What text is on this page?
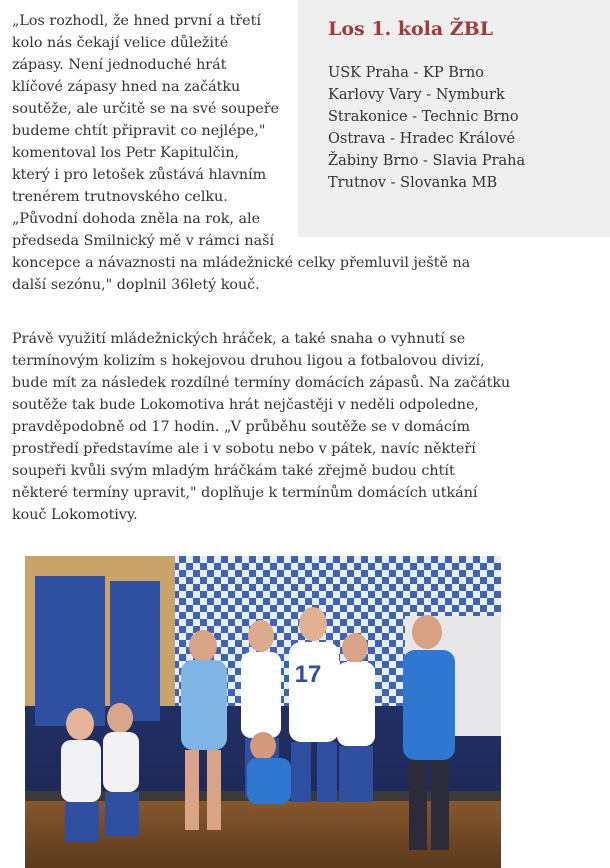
„Los rozhodl, že hned první a třetí kolo nás čekají velice důležité zápasy. Není jednoduché hrát klíčové zápasy hned na začátku soutěže, ale určitě se na své soupeře budeme chtít připravit co nejlépe," komentoval los Petr Kapitulčin, který i pro letošek zůstává hlavním trenérem trutnovského celku. „Původní dohoda zněla na rok, ale předseda Smilnický mě v rámci naší koncepce a návaznosti na mládežnické celky přemluvil ještě na další sezónu," doplnil 36letý kouč.

Los 1. kola ŽBL
USK Praha - KP Brno
Karlovy Vary - Nymburk
Strakonice - Technic Brno
Ostrava - Hradec Králové
Žabiny Brno - Slavia Praha
Trutnov - Slovanka MB

Právě využití mládežnických hráček, a také snaha o vyhnutí se termínovým kolizím s hokejovou druhou ligou a fotbalovou divizí, bude mít za následek rozdílné termíny domácích zápasů. Na začátku soutěže tak bude Lokomotiva hrát nejčastěji v neděli odpoledne, pravděpodobně od 17 hodin. „V průběhu soutěže se v domácím prostředí představíme ale i v sobotu nebo v pátek, navíc někteří soupeři kvůli svým mladým hráčkám také zřejmě budou chtít některé termíny upravit," doplňuje k termínům domácích utkání kouč Lokomotivy.

17
